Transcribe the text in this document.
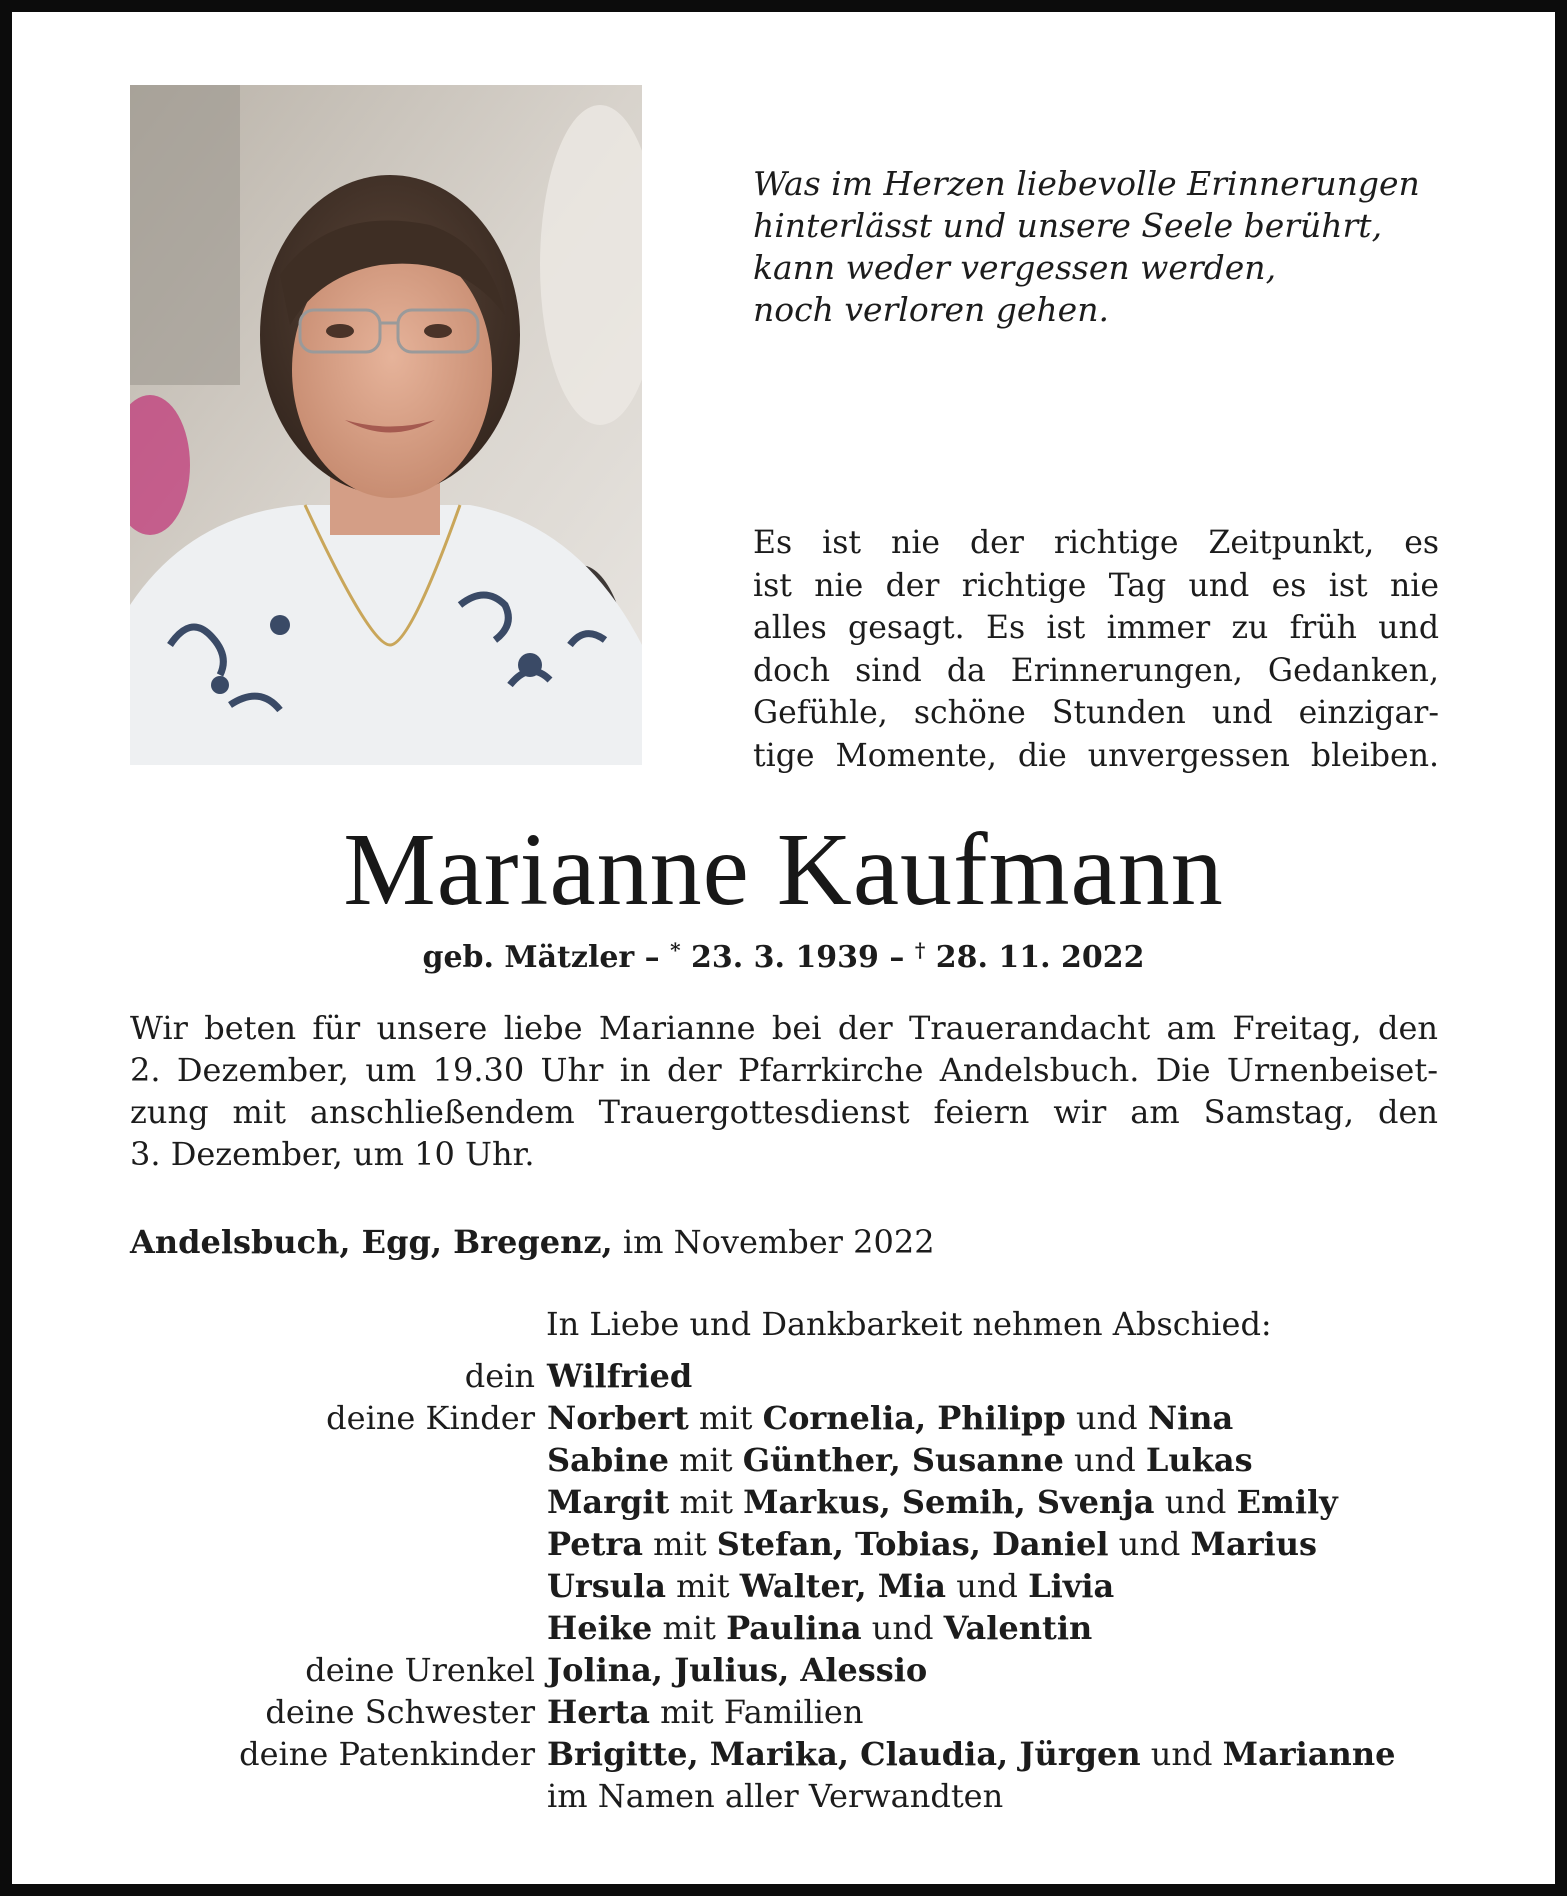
Was im Herzen liebevolle Erinnerungen
hinterlässt und unsere Seele berührt,
kann weder vergessen werden,
noch verloren gehen.
Es ist nie der richtige Zeitpunkt, es
ist nie der richtige Tag und es ist nie
alles gesagt. Es ist immer zu früh und
doch sind da Erinnerungen, Gedanken,
Gefühle, schöne Stunden und einzigar-
tige Momente, die unvergessen bleiben.
Marianne Kaufmann
geb. Mätzler – * 23. 3. 1939 – † 28. 11. 2022
Wir beten für unsere liebe Marianne bei der Trauerandacht am Freitag, den
2. Dezember, um 19.30 Uhr in der Pfarrkirche Andelsbuch. Die Urnenbeiset-
zung mit anschließendem Trauergottesdienst feiern wir am Samstag, den
3. Dezember, um 10 Uhr.
Andelsbuch, Egg, Bregenz, im November 2022
In Liebe und Dankbarkeit nehmen Abschied:
dein Wilfried
deine Kinder Norbert mit Cornelia, Philipp und Nina
Sabine mit Günther, Susanne und Lukas
Margit mit Markus, Semih, Svenja und Emily
Petra mit Stefan, Tobias, Daniel und Marius
Ursula mit Walter, Mia und Livia
Heike mit Paulina und Valentin
deine Urenkel Jolina, Julius, Alessio
deine Schwester Herta mit Familien
deine Patenkinder Brigitte, Marika, Claudia, Jürgen und Marianne
im Namen aller Verwandten
